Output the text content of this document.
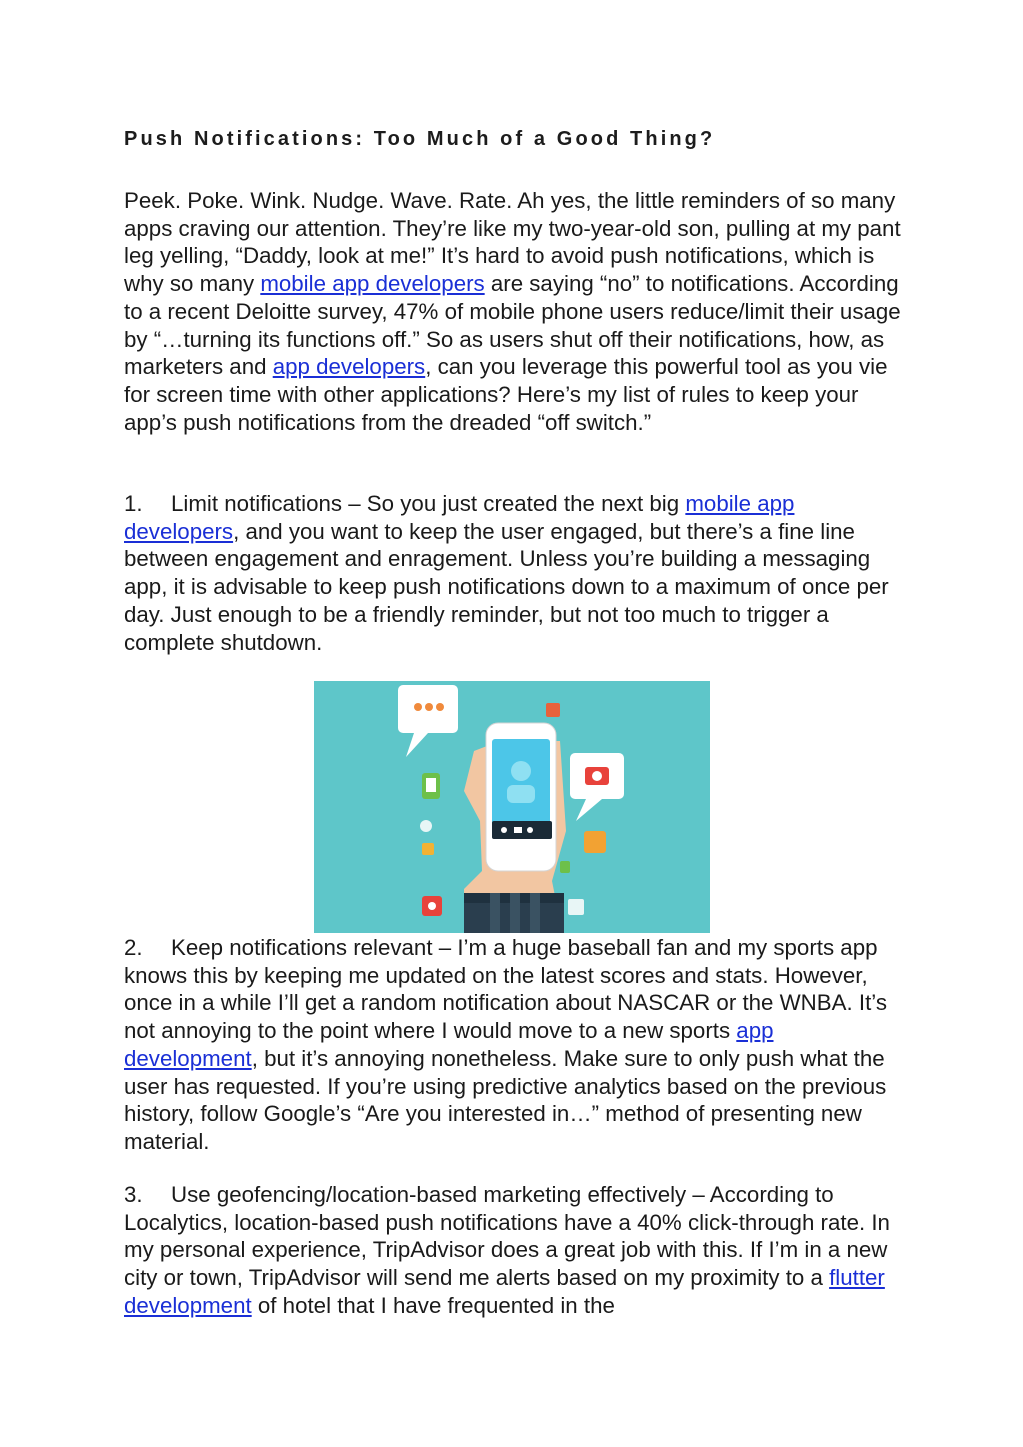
Push Notifications: Too Much of a Good Thing?

Peek. Poke. Wink. Nudge. Wave. Rate. Ah yes, the little reminders of so many apps craving our attention. They’re like my two-year-old son, pulling at my pant leg yelling, “Daddy, look at me!” It’s hard to avoid push notifications, which is why so many mobile app developers are saying “no” to notifications. According to a recent Deloitte survey, 47% of mobile phone users reduce/limit their usage by “…turning its functions off.” So as users shut off their notifications, how, as marketers and app developers, can you leverage this powerful tool as you vie for screen time with other applications? Here’s my list of rules to keep your app’s push notifications from the dreaded “off switch.”

1. Limit notifications – So you just created the next big mobile app developers, and you want to keep the user engaged, but there’s a fine line between engagement and enragement. Unless you’re building a messaging app, it is advisable to keep push notifications down to a maximum of once per day. Just enough to be a friendly reminder, but not too much to trigger a complete shutdown.

2. Keep notifications relevant – I’m a huge baseball fan and my sports app knows this by keeping me updated on the latest scores and stats. However, once in a while I’ll get a random notification about NASCAR or the WNBA. It’s not annoying to the point where I would move to a new sports app development, but it’s annoying nonetheless. Make sure to only push what the user has requested. If you’re using predictive analytics based on the previous history, follow Google’s “Are you interested in…” method of presenting new material.

3. Use geofencing/location-based marketing effectively – According to Localytics, location-based push notifications have a 40% click-through rate. In my personal experience, TripAdvisor does a great job with this. If I’m in a new city or town, TripAdvisor will send me alerts based on my proximity to a flutter development of hotel that I have frequented in the
